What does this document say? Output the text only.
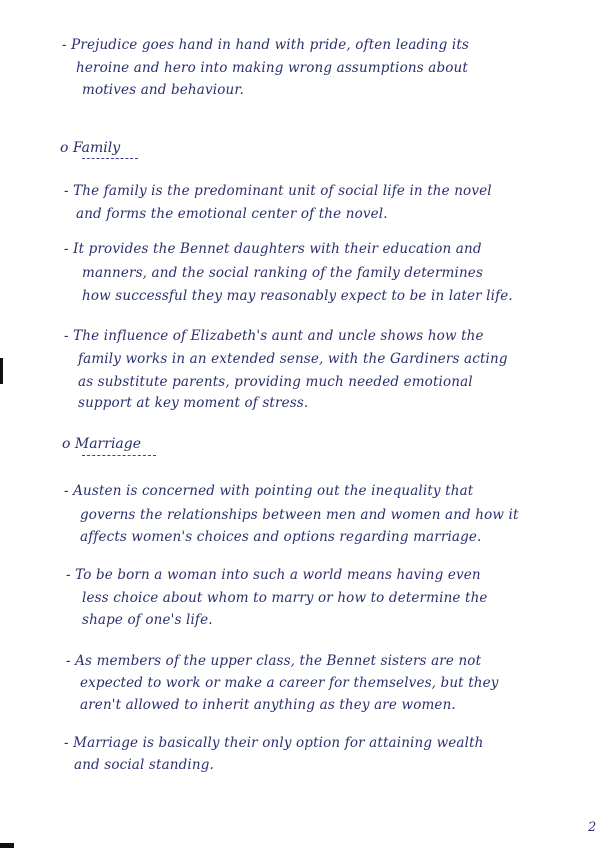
- Prejudice goes hand in hand with pride, often leading its
heroine and hero into making wrong assumptions about
motives and behaviour.
o Family
- The family is the predominant unit of social life in the novel
and forms the emotional center of the novel.
- It provides the Bennet daughters with their education and
manners, and the social ranking of the family determines
how successful they may reasonably expect to be in later life.
- The influence of Elizabeth's aunt and uncle shows how the
family works in an extended sense, with the Gardiners acting
as substitute parents, providing much needed emotional
support at key moment of stress.
o Marriage
- Austen is concerned with pointing out the inequality that
governs the relationships between men and women and how it
affects women's choices and options regarding marriage.
- To be born a woman into such a world means having even
less choice about whom to marry or how to determine the
shape of one's life.
- As members of the upper class, the Bennet sisters are not
expected to work or make a career for themselves, but they
aren't allowed to inherit anything as they are women.
- Marriage is basically their only option for attaining wealth
and social standing.
2
